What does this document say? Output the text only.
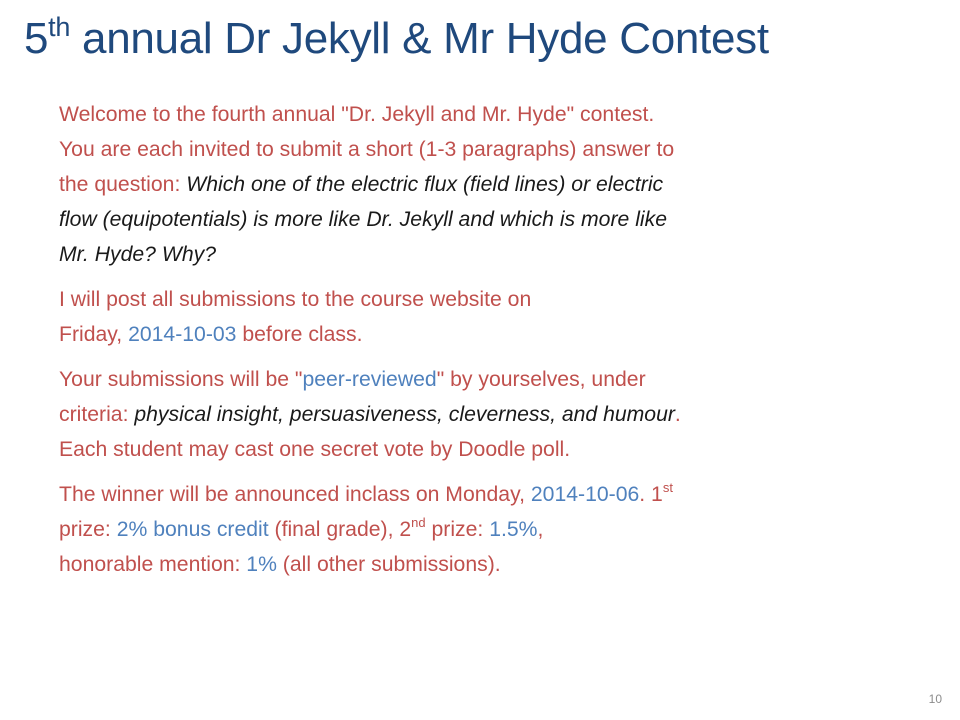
5th annual Dr Jekyll & Mr Hyde Contest

Welcome to the fourth annual "Dr. Jekyll and Mr. Hyde" contest.
You are each invited to submit a short (1-3 paragraphs) answer to
the question: Which one of the electric flux (field lines) or electric
flow (equipotentials) is more like Dr. Jekyll and which is more like
Mr. Hyde? Why?

I will post all submissions to the course website on
Friday, 2014-10-03 before class.

Your submissions will be "peer-reviewed" by yourselves, under
criteria: physical insight, persuasiveness, cleverness, and humour.
Each student may cast one secret vote by Doodle poll.

The winner will be announced inclass on Monday, 2014-10-06. 1st
prize: 2% bonus credit (final grade), 2nd prize: 1.5%,
honorable mention: 1% (all other submissions).

10
